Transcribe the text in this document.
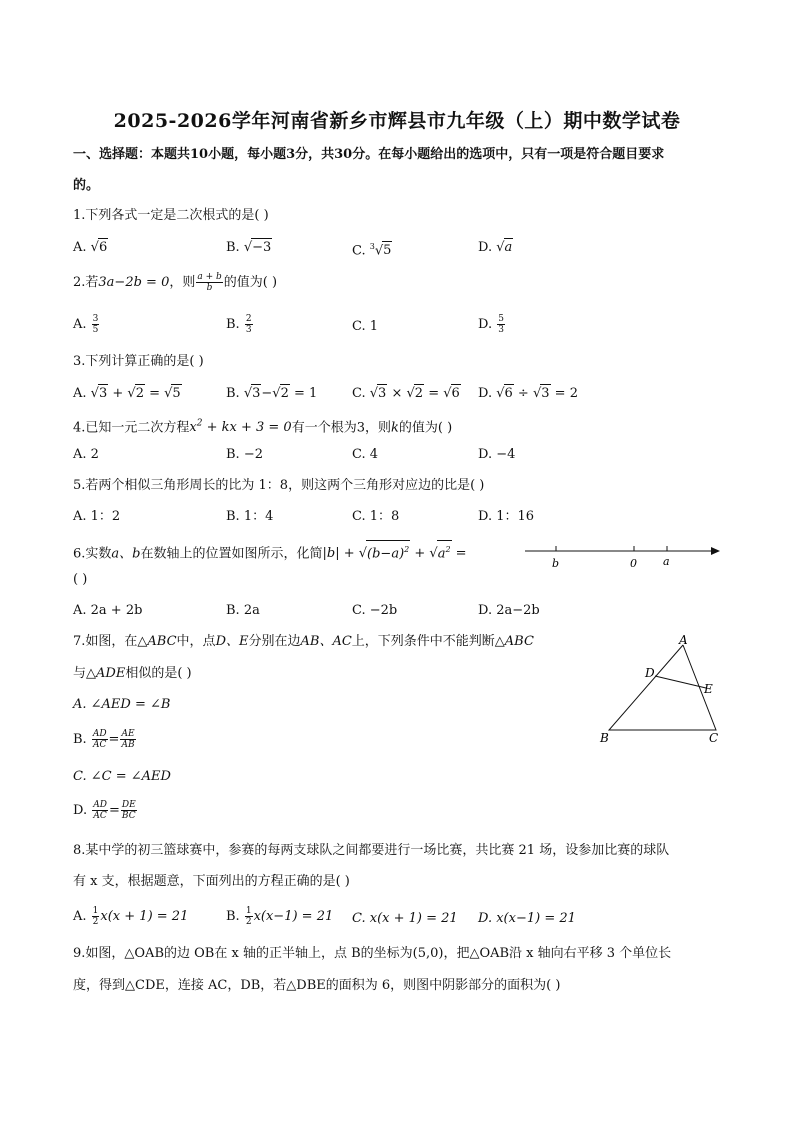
2025-2026学年河南省新乡市辉县市九年级（上）期中数学试卷
一、选择题：本题共10小题，每小题3分，共30分。在每小题给出的选项中，只有一项是符合题目要求
的。
1.下列各式一定是二次根式的是( )
A. √6	B. √−3	C. $^3$√5	D. √a
2.若3a−2b = 0，则 $\frac{a + b}{b}$ 的值为( )
A. $\frac{3}{5}$	B. $\frac{2}{3}$	C. 1	D. $\frac{5}{3}$
3.下列计算正确的是( )
A. √3 + √2 = √5	B. √3−√2 = 1	C. √3 × √2 = √6 D. √6 ÷ √3 = 2
4.已知一元二次方程$x^2$ + kx + 3 = 0有一个根为3，则k的值为( )
A. 2	B. −2	C. 4	D. −4
5.若两个相似三角形周长的比为 1：8，则这两个三角形对应边的比是( )
A. 1：2	B. 1：4	C. 1：8	D. 1：16
6.实数a、b在数轴上的位置如图所示，化简$|b| + √(b-a)^2 + √a^2$ =
( )
b	0 a
A. 2a + 2b	B. 2a	C. −2b	D. 2a−2b
7.如图，在△ABC中，点D、E分别在边AB、AC上，下列条件中不能判断△ABC
与△ADE相似的是( )
A. ∠AED = ∠B
B. $\frac{AD}{AC} = \frac{AE}{AB}$
C. ∠C = ∠AED
D. $\frac{AD}{AC} = \frac{DE}{BC}$
A
D
E
B	C
8.某中学的初三篮球赛中，参赛的每两支球队之间都要进行一场比赛，共比赛 21 场，设参加比赛的球队
有 x 支，根据题意，下面列出的方程正确的是( )
A. $\frac{1}{2} x(x + 1) = 21$	B. $\frac{1}{2} x(x-1) = 21$ C. x(x + 1) = 21 D. x(x−1) = 21
9.如图，△OAB的边 OB在 x 轴的正半轴上，点 B的坐标为(5,0)，把△OAB沿 x 轴向右平移 3 个单位长
度，得到△CDE，连接 AC，DB，若△DBE的面积为 6，则图中阴影部分的面积为( )
